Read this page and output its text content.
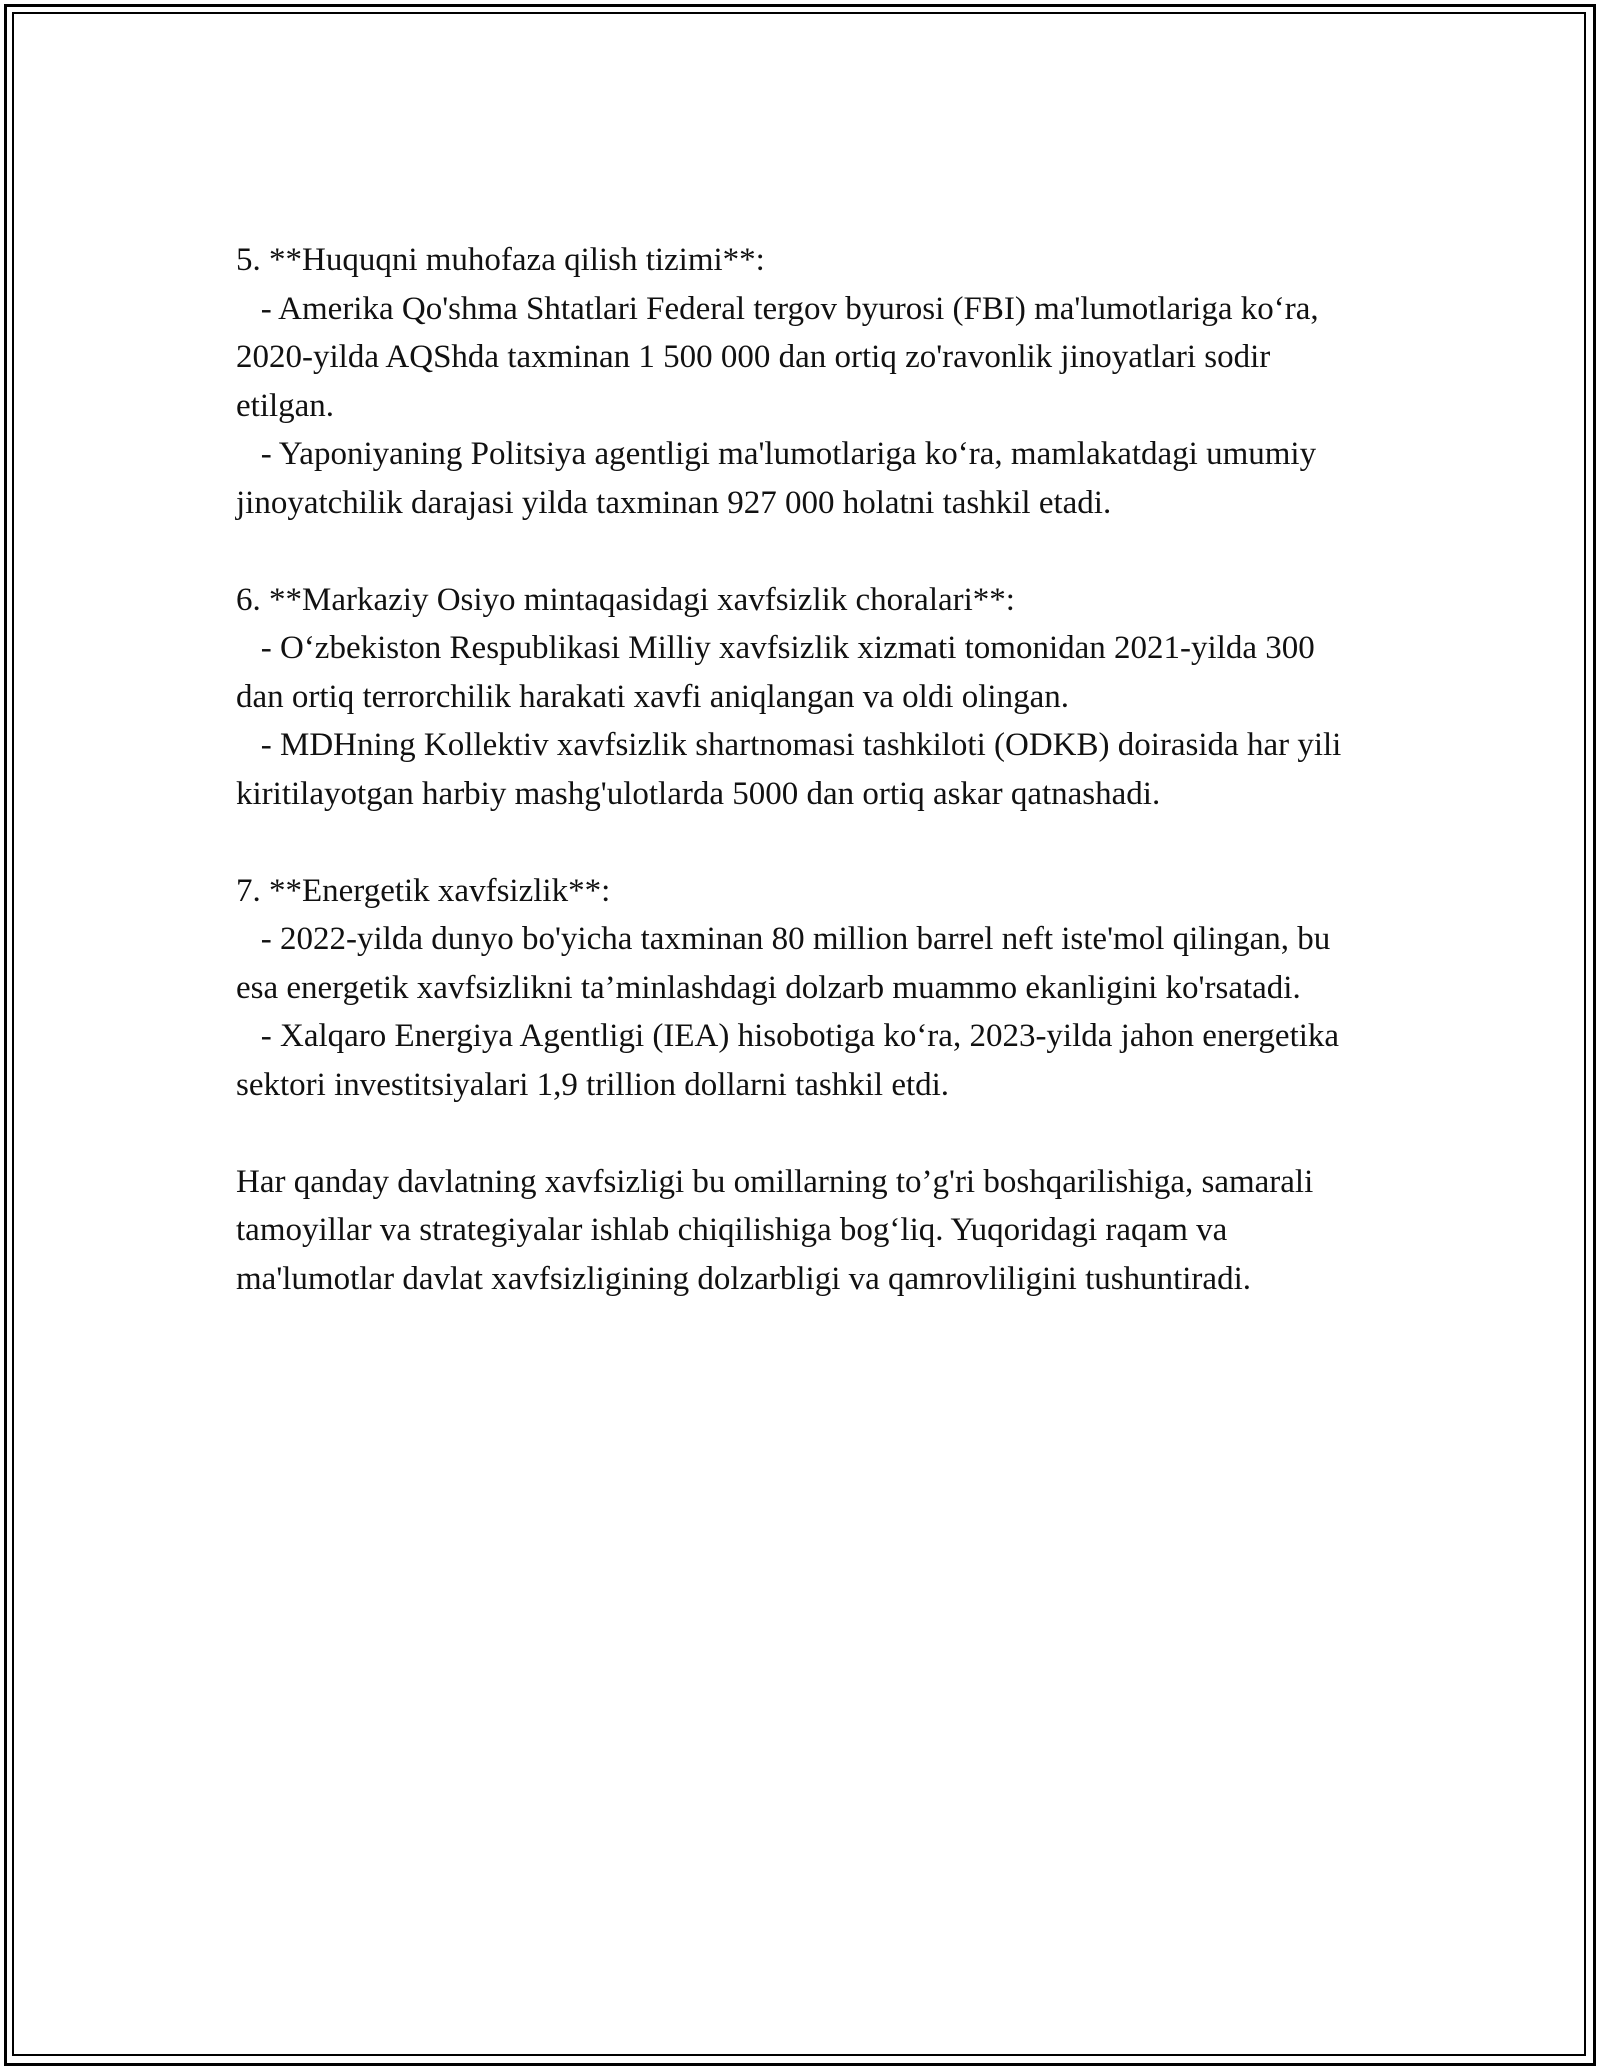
5. **Huquqni muhofaza qilish tizimi**:

- Amerika Qo'shma Shtatlari Federal tergov byurosi (FBI) ma'lumotlariga ko‘ra, 2020-yilda AQShda taxminan 1 500 000 dan ortiq zo'ravonlik jinoyatlari sodir etilgan.

- Yaponiyaning Politsiya agentligi ma'lumotlariga ko‘ra, mamlakatdagi umumiy jinoyatchilik darajasi yilda taxminan 927 000 holatni tashkil etadi.

6. **Markaziy Osiyo mintaqasidagi xavfsizlik choralari**:

- O‘zbekiston Respublikasi Milliy xavfsizlik xizmati tomonidan 2021-yilda 300 dan ortiq terrorchilik harakati xavfi aniqlangan va oldi olingan.

- MDHning Kollektiv xavfsizlik shartnomasi tashkiloti (ODKB) doirasida har yili kiritilayotgan harbiy mashg'ulotlarda 5000 dan ortiq askar qatnashadi.

7. **Energetik xavfsizlik**:

- 2022-yilda dunyo bo'yicha taxminan 80 million barrel neft iste'mol qilingan, bu esa energetik xavfsizlikni ta’minlashdagi dolzarb muammo ekanligini ko'rsatadi.

- Xalqaro Energiya Agentligi (IEA) hisobotiga ko‘ra, 2023-yilda jahon energetika sektori investitsiyalari 1,9 trillion dollarni tashkil etdi.

Har qanday davlatning xavfsizligi bu omillarning to’g'ri boshqarilishiga, samarali tamoyillar va strategiyalar ishlab chiqilishiga bog‘liq. Yuqoridagi raqam va ma'lumotlar davlat xavfsizligining dolzarbligi va qamrovliligini tushuntiradi.
